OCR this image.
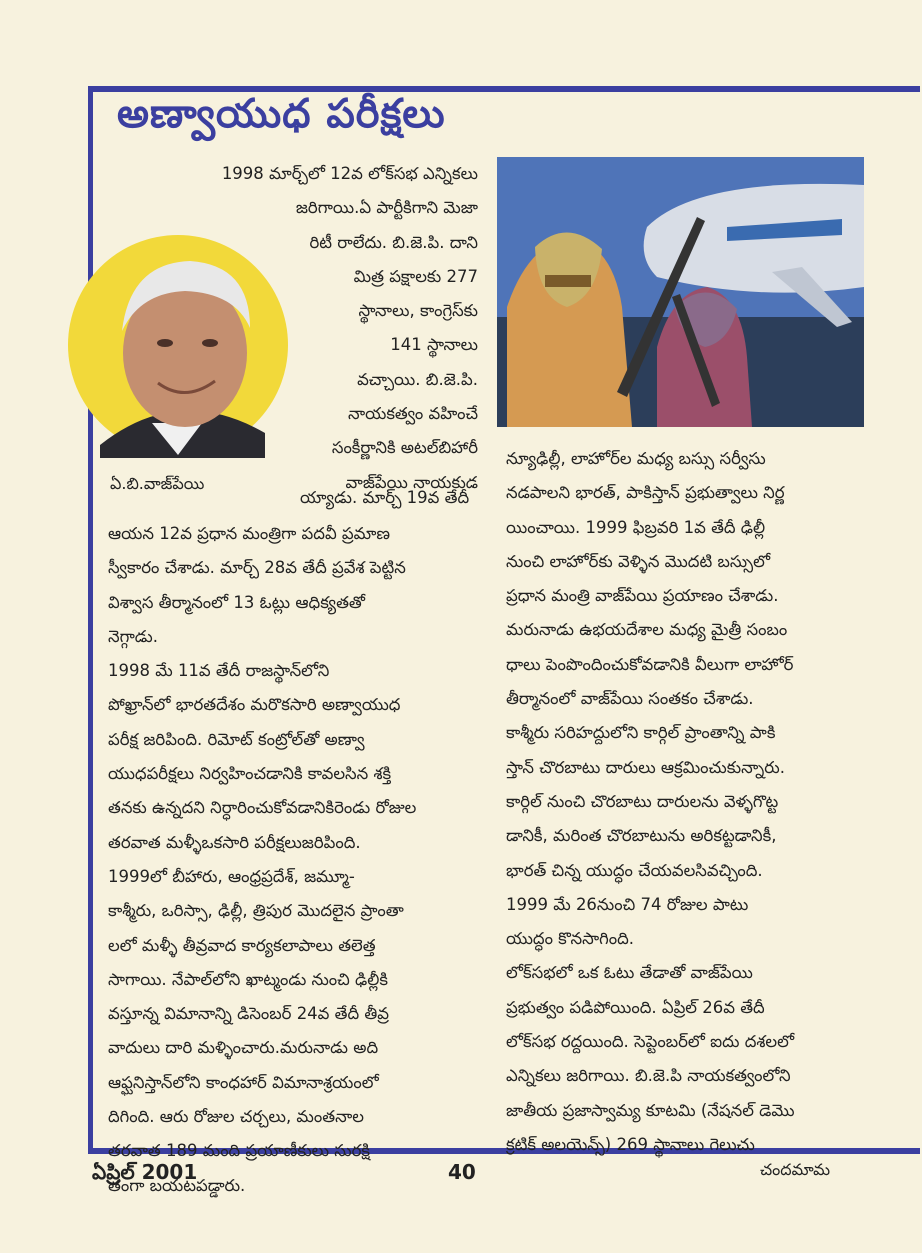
అణ్వాయుధ పరీక్షలు
1998 మార్చ్‌లో 12వ లోక్‌సభ ఎన్నికలు
జరిగాయి.ఏ పార్టీకిగాని మెజా
రిటీ రాలేదు. బి.జె.పి. దాని
మిత్ర పక్షాలకు 277
స్థానాలు, కాంగ్రెస్‌కు
141 స్థానాలు
వచ్చాయి. బి.జె.పి.
నాయకత్వం వహించే
సంకీర్ణానికి అటల్‌బిహారీ
వాజ్‌పేయి నాయకుడ
ఏ.బి.వాజ్‌పేయి
య్యాడు. మార్చ్ 19వ తేదీ
ఆయన 12వ ప్రధాన మంత్రిగా పదవీ ప్రమాణ
స్వీకారం చేశాడు. మార్చ్ 28వ తేదీ ప్రవేశ పెట్టిన
విశ్వాస తీర్మానంలో 13 ఓట్లు ఆధిక్యతతో
నెగ్గాడు.
1998 మే 11వ తేదీ రాజస్థాన్‌లోని
పోఖ్రాన్‌లో భారతదేశం మరొకసారి అణ్వాయుధ
పరీక్ష జరిపింది. రిమోట్ కంట్రోల్‌తో అణ్వా
యుధపరీక్షలు నిర్వహించడానికి కావలసిన శక్తి
తనకు ఉన్నదని నిర్ధారించుకోవడానికిరెండు రోజుల
తరవాత మళ్ళీఒకసారి పరీక్షలుజరిపింది.
1999లో బీహారు, ఆంధ్రప్రదేశ్, జమ్మూ-
కాశ్మీరు, ఒరిస్సా, ఢిల్లీ, త్రిపుర మొదలైన ప్రాంతా
లలో మళ్ళీ తీవ్రవాద కార్యకలాపాలు తలెత్త
సాగాయి. నేపాల్‌లోని ఖాట్మండు నుంచి ఢిల్లీకి
వస్తూన్న విమానాన్ని డిసెంబర్ 24వ తేదీ తీవ్ర
వాదులు దారి మళ్ళించారు.మరునాడు అది
ఆఫ్ఘనిస్తాన్‌లోని కాంధహార్ విమానాశ్రయంలో
దిగింది. ఆరు రోజుల చర్చలు, మంతనాల
తరవాత 189 మంది ప్రయాణీకులు సురక్షి
తంగా బయటపడ్డారు.
న్యూఢిల్లీ, లాహోర్‌ల మధ్య బస్సు సర్వీసు
నడపాలని భారత్, పాకిస్తాన్ ప్రభుత్వాలు నిర్ణ
యించాయి. 1999 ఫిబ్రవరి 1వ తేదీ ఢిల్లీ
నుంచి లాహోర్‌కు వెళ్ళిన మొదటి బస్సులో
ప్రధాన మంత్రి వాజ్‌పేయి ప్రయాణం చేశాడు.
మరునాడు ఉభయదేశాల మధ్య మైత్రీ సంబం
ధాలు పెంపొందించుకోవడానికి వీలుగా లాహోర్
తీర్మానంలో వాజ్‌పేయి సంతకం చేశాడు.
కాశ్మీరు సరిహద్దులోని కార్గిల్ ప్రాంతాన్ని పాకి
స్తాన్ చొరబాటు దారులు ఆక్రమించుకున్నారు.
కార్గిల్ నుంచి చొరబాటు దారులను వెళ్ళగొట్ట
డానికీ, మరింత చొరబాటును అరికట్టడానికీ,
భారత్ చిన్న యుద్ధం చేయవలసివచ్చింది.
1999 మే 26నుంచి 74 రోజుల పాటు
యుద్ధం కొనసాగింది.
లోక్‌సభలో ఒక ఓటు తేడాతో వాజ్‌పేయి
ప్రభుత్వం పడిపోయింది. ఏప్రిల్ 26వ తేదీ
లోక్‌సభ రద్దయింది. సెప్టెంబర్‌లో ఐదు దశలలో
ఎన్నికలు జరిగాయి. బి.జె.పి నాయకత్వంలోని
జాతీయ ప్రజాస్వామ్య కూటమి (నేషనల్ డెమొ
క్రటిక్ అలయెన్స్) 269 స్థానాలు గెలుచు
ఏప్రిల్ 2001	40	చందమామ
